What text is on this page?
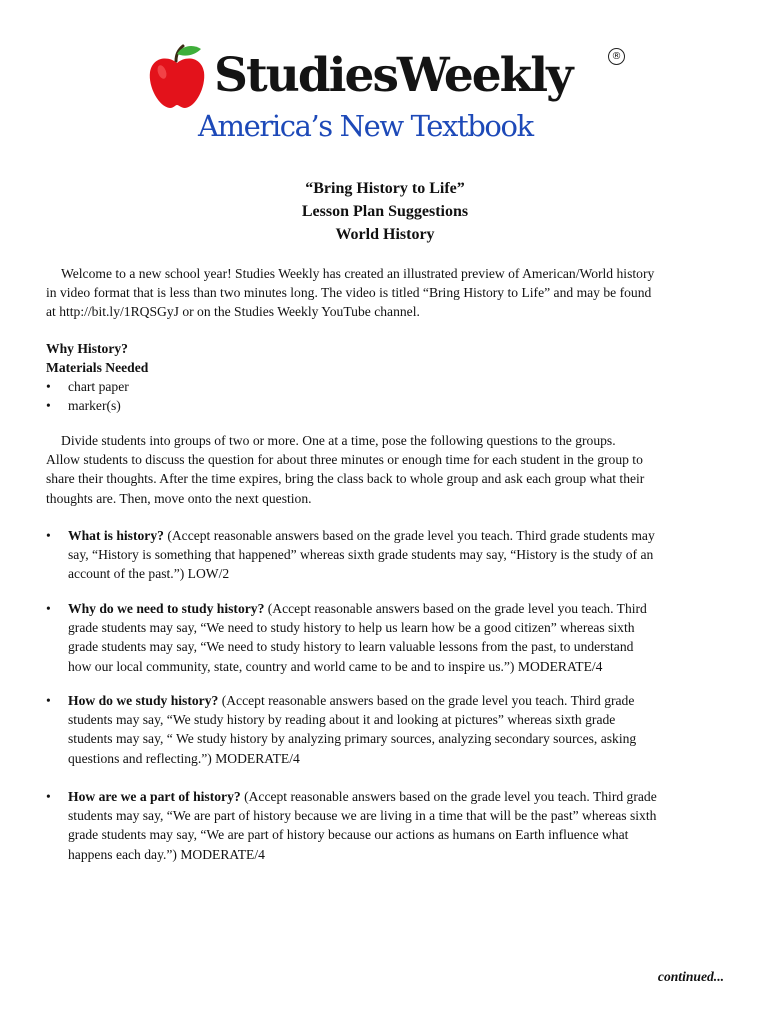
StudiesWeekly	®
America’s New Textbook
“Bring History to Life”
Lesson Plan Suggestions
World History
Welcome to a new school year! Studies Weekly has created an illustrated preview of American/World history
in video format that is less than two minutes long. The video is titled “Bring History to Life” and may be found
at http://bit.ly/1RQSGyJ or on the Studies Weekly YouTube channel.
Why History?
Materials Needed
• chart paper
• marker(s)
Divide students into groups of two or more. One at a time, pose the following questions to the groups.
Allow students to discuss the question for about three minutes or enough time for each student in the group to
share their thoughts. After the time expires, bring the class back to whole group and ask each group what their
thoughts are. Then, move onto the next question.
• What is history? (Accept reasonable answers based on the grade level you teach. Third grade students may
say, “History is something that happened” whereas sixth grade students may say, “History is the study of an
account of the past.”) LOW/2
• Why do we need to study history? (Accept reasonable answers based on the grade level you teach. Third
grade students may say, “We need to study history to help us learn how be a good citizen” whereas sixth
grade students may say, “We need to study history to learn valuable lessons from the past, to understand
how our local community, state, country and world came to be and to inspire us.”) MODERATE/4
• How do we study history? (Accept reasonable answers based on the grade level you teach. Third grade
students may say, “We study history by reading about it and looking at pictures” whereas sixth grade
students may say, “ We study history by analyzing primary sources, analyzing secondary sources, asking
questions and reflecting.”) MODERATE/4
• How are we a part of history? (Accept reasonable answers based on the grade level you teach. Third grade
students may say, “We are part of history because we are living in a time that will be the past” whereas sixth
grade students may say, “We are part of history because our actions as humans on Earth influence what
happens each day.”) MODERATE/4
continued...
